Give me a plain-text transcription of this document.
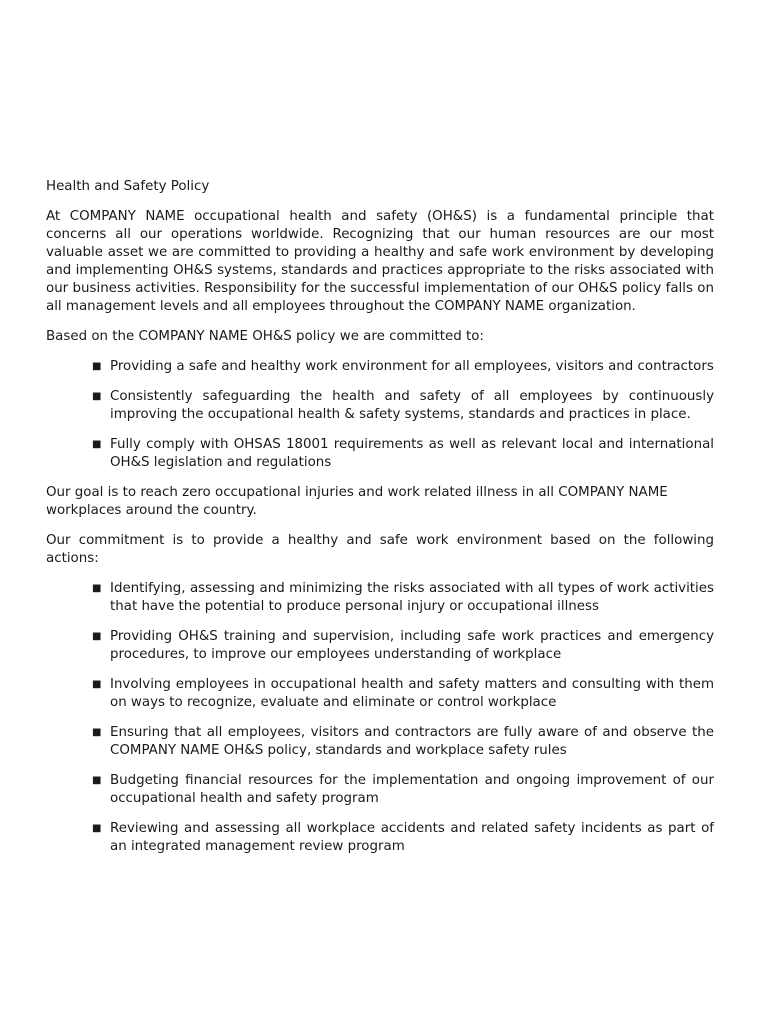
Health and Safety Policy

At COMPANY NAME occupational health and safety (OH&S) is a fundamental principle that concerns all our operations worldwide. Recognizing that our human resources are our most valuable asset we are committed to providing a healthy and safe work environment by developing and implementing OH&S systems, standards and practices appropriate to the risks associated with our business activities. Responsibility for the successful implementation of our OH&S policy falls on all management levels and all employees throughout the COMPANY NAME organization.

Based on the COMPANY NAME OH&S policy we are committed to:

■ Providing a safe and healthy work environment for all employees, visitors and contractors
■ Consistently safeguarding the health and safety of all employees by continuously improving the occupational health & safety systems, standards and practices in place.
■ Fully comply with OHSAS 18001 requirements as well as relevant local and international OH&S legislation and regulations

Our goal is to reach zero occupational injuries and work related illness in all COMPANY NAME workplaces around the country.

Our commitment is to provide a healthy and safe work environment based on the following actions:

■ Identifying, assessing and minimizing the risks associated with all types of work activities that have the potential to produce personal injury or occupational illness
■ Providing OH&S training and supervision, including safe work practices and emergency procedures, to improve our employees understanding of workplace
■ Involving employees in occupational health and safety matters and consulting with them on ways to recognize, evaluate and eliminate or control workplace
■ Ensuring that all employees, visitors and contractors are fully aware of and observe the COMPANY NAME OH&S policy, standards and workplace safety rules
■ Budgeting financial resources for the implementation and ongoing improvement of our occupational health and safety program
■ Reviewing and assessing all workplace accidents and related safety incidents as part of an integrated management review program
